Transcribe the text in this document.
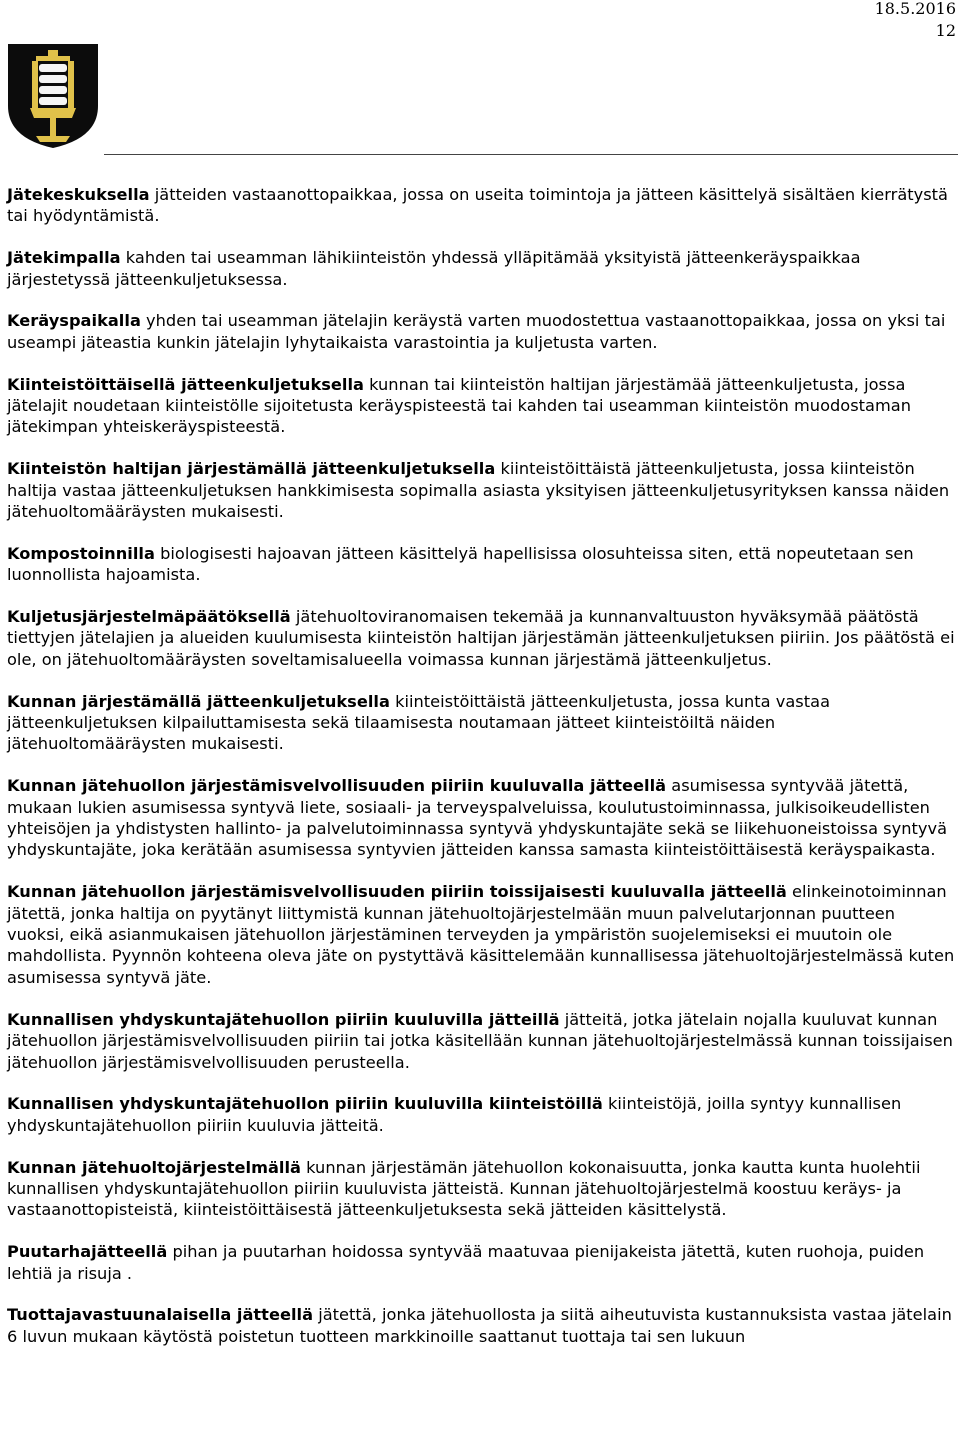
18.5.2016
12

Jätekeskuksella jätteiden vastaanottopaikkaa, jossa on useita toimintoja ja jätteen käsittelyä sisältäen kierrätystä tai hyödyntämistä.

Jätekimpalla kahden tai useamman lähikiinteistön yhdessä ylläpitämää yksityistä jätteenkeräyspaikkaa järjestetyssä jätteenkuljetuksessa.

Keräyspaikalla yhden tai useamman jätelajin keräystä varten muodostettua vastaanottopaikkaa, jossa on yksi tai useampi jäteastia kunkin jätelajin lyhytaikaista varastointia ja kuljetusta varten.

Kiinteistöittäisellä jätteenkuljetuksella kunnan tai kiinteistön haltijan järjestämää jätteenkuljetusta, jossa jätelajit noudetaan kiinteistölle sijoitetusta keräyspisteestä tai kahden tai useamman kiinteistön muodostaman jätekimpan yhteiskeräyspisteestä.

Kiinteistön haltijan järjestämällä jätteenkuljetuksella kiinteistöittäistä jätteenkuljetusta, jossa kiinteistön haltija vastaa jätteenkuljetuksen hankkimisesta sopimalla asiasta yksityisen jätteenkuljetusyrityksen kanssa näiden jätehuoltomääräysten mukaisesti.

Kompostoinnilla biologisesti hajoavan jätteen käsittelyä hapellisissa olosuhteissa siten, että nopeutetaan sen luonnollista hajoamista.

Kuljetusjärjestelmäpäätöksellä jätehuoltoviranomaisen tekemää ja kunnanvaltuuston hyväksymää päätöstä tiettyjen jätelajien ja alueiden kuulumisesta kiinteistön haltijan järjestämän jätteenkuljetuksen piiriin. Jos päätöstä ei ole, on jätehuoltomääräysten soveltamisalueella voimassa kunnan järjestämä jätteenkuljetus.

Kunnan järjestämällä jätteenkuljetuksella kiinteistöittäistä jätteenkuljetusta, jossa kunta vastaa jätteenkuljetuksen kilpailuttamisesta sekä tilaamisesta noutamaan jätteet kiinteistöiltä näiden jätehuoltomääräysten mukaisesti.

Kunnan jätehuollon järjestämisvelvollisuuden piiriin kuuluvalla jätteellä asumisessa syntyvää jätettä, mukaan lukien asumisessa syntyvä liete, sosiaali- ja terveyspalveluissa, koulutustoiminnassa, julkisoikeudellisten yhteisöjen ja yhdistysten hallinto- ja palvelutoiminnassa syntyvä yhdyskuntajäte sekä se liikehuoneistoissa syntyvä yhdyskuntajäte, joka kerätään asumisessa syntyvien jätteiden kanssa samasta kiinteistöittäisestä keräyspaikasta.

Kunnan jätehuollon järjestämisvelvollisuuden piiriin toissijaisesti kuuluvalla jätteellä elinkeinotoiminnan jätettä, jonka haltija on pyytänyt liittymistä kunnan jätehuoltojärjestelmään muun palvelutarjonnan puutteen vuoksi, eikä asianmukaisen jätehuollon järjestäminen terveyden ja ympäristön suojelemiseksi ei muutoin ole mahdollista. Pyynnön kohteena oleva jäte on pystyttävä käsittelemään kunnallisessa jätehuoltojärjestelmässä kuten asumisessa syntyvä jäte.

Kunnallisen yhdyskuntajätehuollon piiriin kuuluvilla jätteillä jätteitä, jotka jätelain nojalla kuuluvat kunnan jätehuollon järjestämisvelvollisuuden piiriin tai jotka käsitellään kunnan jätehuoltojärjestelmässä kunnan toissijaisen jätehuollon järjestämisvelvollisuuden perusteella.

Kunnallisen yhdyskuntajätehuollon piiriin kuuluvilla kiinteistöillä kiinteistöjä, joilla syntyy kunnallisen yhdyskuntajätehuollon piiriin kuuluvia jätteitä.

Kunnan jätehuoltojärjestelmällä kunnan järjestämän jätehuollon kokonaisuutta, jonka kautta kunta huolehtii kunnallisen yhdyskuntajätehuollon piiriin kuuluvista jätteistä. Kunnan jätehuoltojärjestelmä koostuu keräys- ja vastaanottopisteistä, kiinteistöittäisestä jätteenkuljetuksesta sekä jätteiden käsittelystä.

Puutarhajätteellä pihan ja puutarhan hoidossa syntyvää maatuvaa pienijakeista jätettä, kuten ruohoja, puiden lehtiä ja risuja .

Tuottajavastuunalaisella jätteellä jätettä, jonka jätehuollosta ja siitä aiheutuvista kustannuksista vastaa jätelain 6 luvun mukaan käytöstä poistetun tuotteen markkinoille saattanut tuottaja tai sen lukuun
